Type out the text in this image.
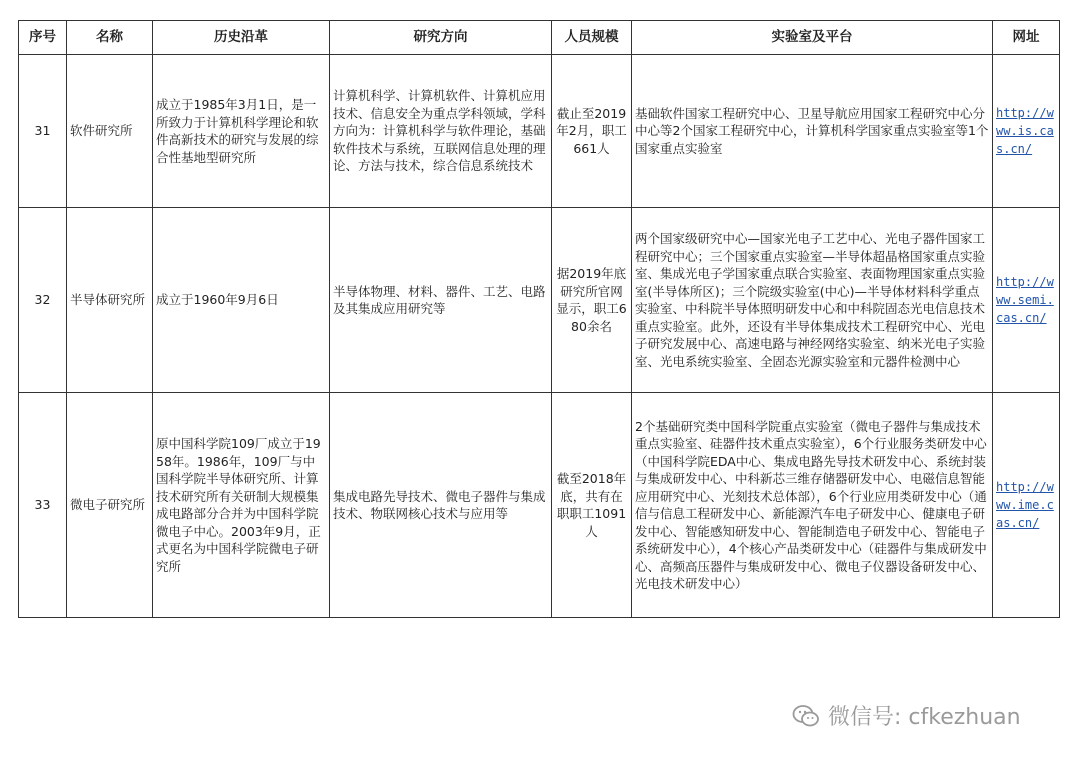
序号	名称	历史沿革	研究方向	人员规模	实验室及平台	网址
31	软件研究所	成立于1985年3月1日，是一所致力于计算机科学理论和软件高新技术的研究与发展的综合性基地型研究所	计算机科学、计算机软件、计算机应用技术、信息安全为重点学科领域，学科方向为：计算机科学与软件理论，基础软件技术与系统，互联网信息处理的理论、方法与技术，综合信息系统技术	截止至2019年2月，职工661人	基础软件国家工程研究中心、卫星导航应用国家工程研究中心分中心等2个国家工程研究中心，计算机科学国家重点实验室等1个国家重点实验室	http://www.is.cas.cn/
32	半导体研究所	成立于1960年9月6日	半导体物理、材料、器件、工艺、电路及其集成应用研究等	据2019年底研究所官网显示，职工680余名	两个国家级研究中心—国家光电子工艺中心、光电子器件国家工程研究中心；三个国家重点实验室—半导体超晶格国家重点实验室、集成光电子学国家重点联合实验室、表面物理国家重点实验室(半导体所区)；三个院级实验室(中心)—半导体材料科学重点实验室、中科院半导体照明研发中心和中科院固态光电信息技术重点实验室。此外，还设有半导体集成技术工程研究中心、光电子研究发展中心、高速电路与神经网络实验室、纳米光电子实验室、光电系统实验室、全固态光源实验室和元器件检测中心	http://www.semi.cas.cn/
33	微电子研究所	原中国科学院109厂成立于1958年。1986年，109厂与中国科学院半导体研究所、计算技术研究所有关研制大规模集成电路部分合并为中国科学院微电子中心。2003年9月，正式更名为中国科学院微电子研究所	集成电路先导技术、微电子器件与集成技术、物联网核心技术与应用等	截至2018年底，共有在职职工1091人	2个基础研究类中国科学院重点实验室（微电子器件与集成技术重点实验室、硅器件技术重点实验室），6个行业服务类研发中心（中国科学院EDA中心、集成电路先导技术研发中心、系统封装与集成研发中心、中科新芯三维存储器研发中心、电磁信息智能应用研究中心、光刻技术总体部），6个行业应用类研发中心（通信与信息工程研发中心、新能源汽车电子研发中心、健康电子研发中心、智能感知研发中心、智能制造电子研发中心、智能电子系统研发中心），4个核心产品类研发中心（硅器件与集成研发中心、高频高压器件与集成研发中心、微电子仪器设备研发中心、光电技术研发中心）	http://www.ime.cas.cn/
微信号: cfkezhuan
